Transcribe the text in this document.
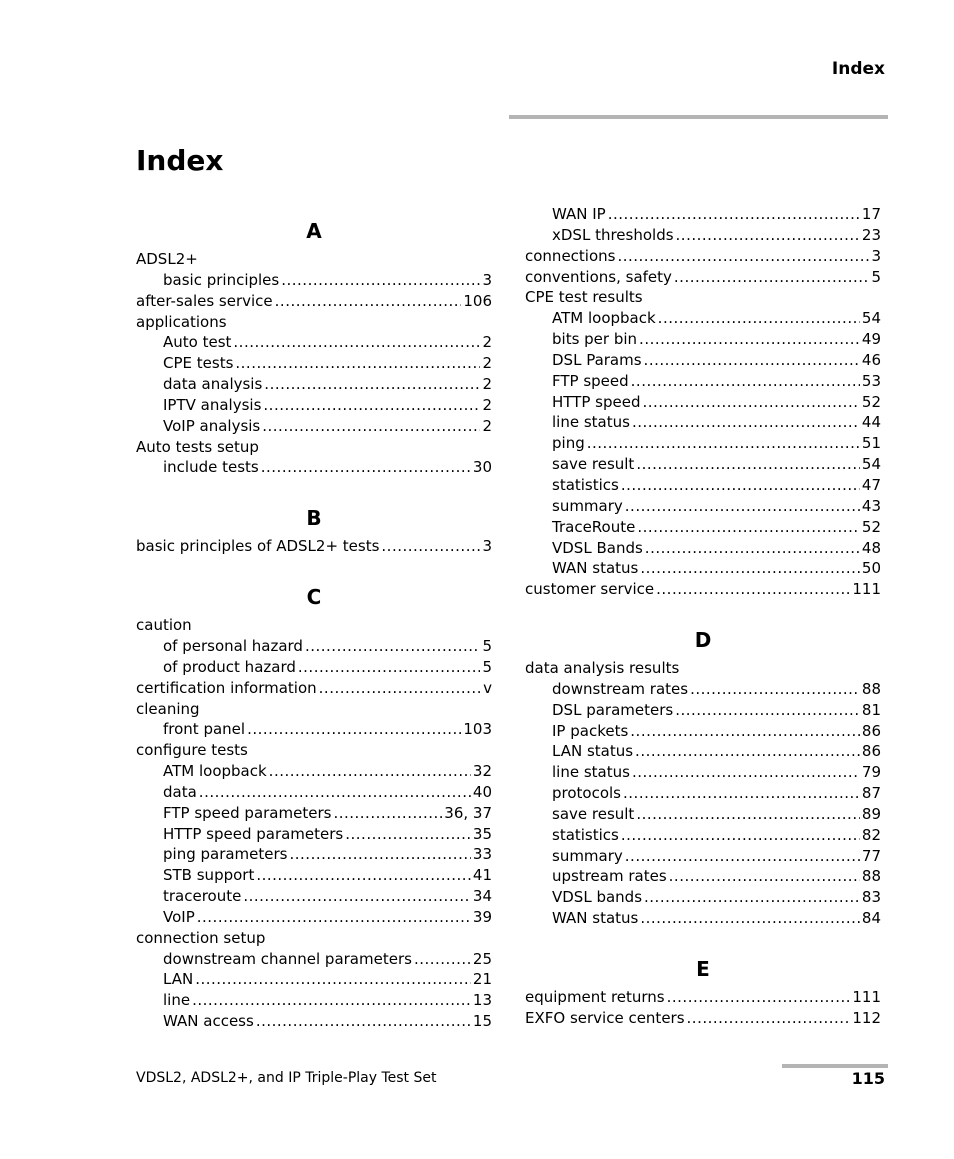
Index
Index
A
ADSL2+
basic principles .....	3
after-sales service .....	106
applications
Auto test .....	2
CPE tests .....	2
data analysis .....	2
IPTV analysis .....	2
VoIP analysis .....	2
Auto tests setup
include tests .....	30
B
basic principles of ADSL2+ tests .....	3
C
caution
of personal hazard .....	5
of product hazard .....	5
certification information .....	v
cleaning
front panel .....	103
configure tests
ATM loopback .....	32
data .....	40
FTP speed parameters .....	36, 37
HTTP speed parameters .....	35
ping parameters .....	33
STB support .....	41
traceroute .....	34
VoIP .....	39
connection setup
downstream channel parameters .....	25
LAN .....	21
line .....	13
WAN access .....	15
WAN IP .....	17
xDSL thresholds .....	23
connections .....	3
conventions, safety .....	5
CPE test results
ATM loopback .....	54
bits per bin .....	49
DSL Params .....	46
FTP speed .....	53
HTTP speed .....	52
line status .....	44
ping .....	51
save result .....	54
statistics .....	47
summary .....	43
TraceRoute .....	52
VDSL Bands .....	48
WAN status .....	50
customer service .....	111
D
data analysis results
downstream rates .....	88
DSL parameters .....	81
IP packets .....	86
LAN status .....	86
line status .....	79
protocols .....	87
save result .....	89
statistics .....	82
summary .....	77
upstream rates .....	88
VDSL bands .....	83
WAN status .....	84
E
equipment returns .....	111
EXFO service centers .....	112
VDSL2, ADSL2+, and IP Triple-Play Test Set	115
